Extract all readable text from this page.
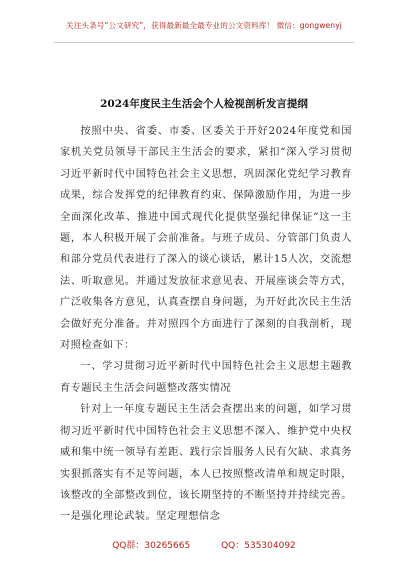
关注头条号“公文研究”，获得最新最全最专业的公文资料库！ 微信：gongwenyj
2024年度民主生活会个人检视剖析发言提纲

按照中央、省委、市委、区委关于开好2024年度党和国家机关党员领导干部民主生活会的要求，紧扣“深入学习贯彻习近平新时代中国特色社会主义思想，巩固深化党纪学习教育成果，综合发挥党的纪律教育约束、保障激励作用，为进一步全面深化改革、推进中国式现代化提供坚强纪律保证”这一主题，本人积极开展了会前准备。与班子成员、分管部门负责人和部分党员代表进行了深入的谈心谈话，累计15人次，交流想法、听取意见。并通过发放征求意见表、开展座谈会等方式，广泛收集各方意见，认真查摆自身问题，为开好此次民主生活会做好充分准备。并对照四个方面进行了深刻的自我剖析，现对照检查如下：

一、学习贯彻习近平新时代中国特色社会主义思想主题教育专题民主生活会问题整改落实情况

针对上一年度专题民主生活会查摆出来的问题，如学习贯彻习近平新时代中国特色社会主义思想不深入、维护党中央权威和集中统一领导有差距、践行宗旨服务人民有欠缺、求真务实狠抓落实有不足等问题，本人已按照整改清单和规定时限，该整改的全部整改到位，该长期坚持的不断坚持并持续完善。一是强化理论武装。坚定理想信念

QQ群：30265665	QQ：535304092
